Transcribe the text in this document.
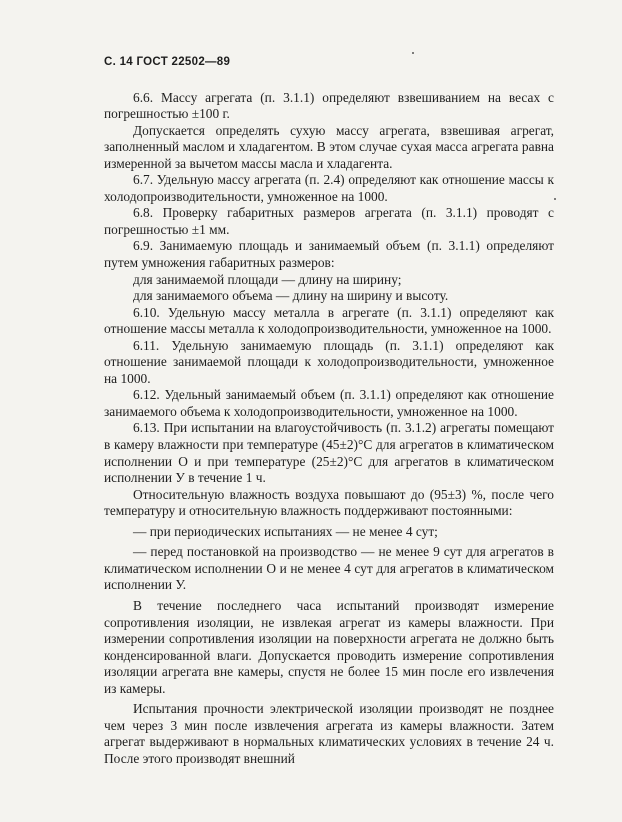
С. 14 ГОСТ 22502—89

6.6. Массу агрегата (п. 3.1.1) определяют взвешиванием на весах с погрешностью ±100 г.

Допускается определять сухую массу агрегата, взвешивая агрегат, заполненный маслом и хладагентом. В этом случае сухая масса агрегата равна измеренной за вычетом массы масла и хладагента.

6.7. Удельную массу агрегата (п. 2.4) определяют как отношение массы к холодопроизводительности, умноженное на 1000.

6.8. Проверку габаритных размеров агрегата (п. 3.1.1) проводят с погрешностью ±1 мм.

6.9. Занимаемую площадь и занимаемый объем (п. 3.1.1) определяют путем умножения габаритных размеров:

для занимаемой площади — длину на ширину;

для занимаемого объема — длину на ширину и высоту.

6.10. Удельную массу металла в агрегате (п. 3.1.1) определяют как отношение массы металла к холодопроизводительности, умноженное на 1000.

6.11. Удельную занимаемую площадь (п. 3.1.1) определяют как отношение занимаемой площади к холодопроизводительности, умноженное на 1000.

6.12. Удельный занимаемый объем (п. 3.1.1) определяют как отношение занимаемого объема к холодопроизводительности, умноженное на 1000.

6.13. При испытании на влагоустойчивость (п. 3.1.2) агрегаты помещают в камеру влажности при температуре (45±2)°С для агрегатов в климатическом исполнении О и при температуре (25±2)°С для агрегатов в климатическом исполнении У в течение 1 ч.

Относительную влажность воздуха повышают до (95±3) %, после чего температуру и относительную влажность поддерживают постоянными:

— при периодических испытаниях — не менее 4 сут;

— перед постановкой на производство — не менее 9 сут для агрегатов в климатическом исполнении О и не менее 4 сут для агрегатов в климатическом исполнении У.

В течение последнего часа испытаний производят измерение сопротивления изоляции, не извлекая агрегат из камеры влажности. При измерении сопротивления изоляции на поверхности агрегата не должно быть конденсированной влаги. Допускается проводить измерение сопротивления изоляции агрегата вне камеры, спустя не более 15 мин после его извлечения из камеры.

Испытания прочности электрической изоляции производят не позднее чем через 3 мин после извлечения агрегата из камеры влажности. Затем агрегат выдерживают в нормальных климатических условиях в течение 24 ч. После этого производят внешний
